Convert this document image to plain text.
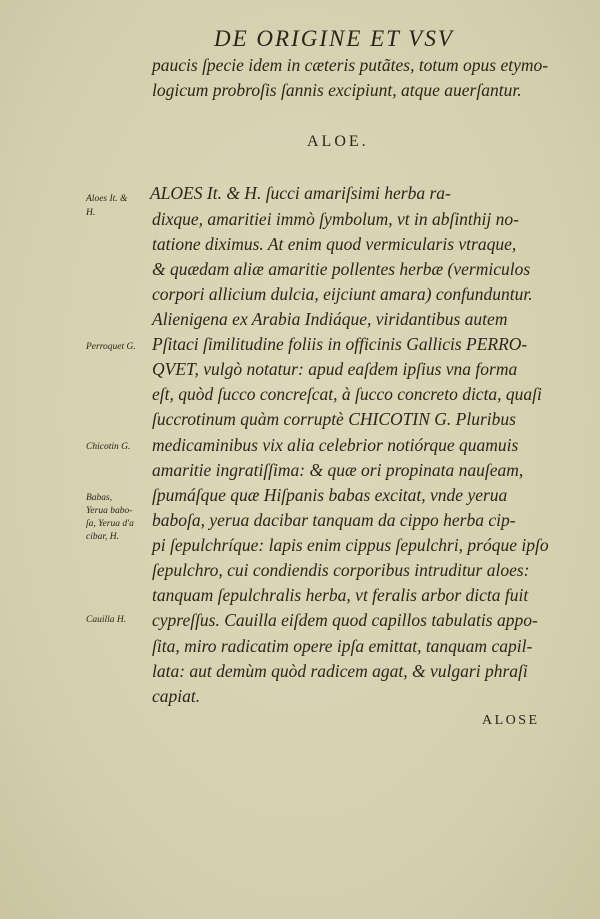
DE ORIGINE ET VSV
paucis ſpecie idem in cæteris putãtes, totum opus etymo-
logicum probroſis ſannis excipiunt, atque auerſantur.
ALOE.
ALOES It. & H. ſucci amariſsimi herba ra-
dixque, amaritiei immò ſymbolum, vt in abſinthij no-
tatione diximus. At enim quod vermicularis vtraque,
& quædam aliæ amaritie pollentes herbæ (vermiculos
corpori allicium dulcia, eijciunt amara) confunduntur.
Alienigena ex Arabia Indiáque, viridantibus autem
Pſitaci ſimilitudine foliis in officinis Gallicis PERRO-
QVET, vulgò notatur: apud eaſdem ipſius vna forma
eſt, quòd ſucco concreſcat, à ſucco concreto dicta, quaſi
ſuccrotinum quàm corruptè CHICOTIN G. Pluribus
medicaminibus vix alia celebrior notiórque quamuis
amaritie ingratiſſima: & quæ ori propinata nauſeam,
ſpumáſque quæ Hiſpanis babas excitat, vnde yerua
baboſa, yerua dacibar tanquam da cippo herba cip-
pi ſepulchríque: lapis enim cippus ſepulchri, próque ipſo
ſepulchro, cui condiendis corporibus intruditur aloes:
tanquam ſepulchralis herba, vt feralis arbor dicta fuit
cypreſſus. Cauilla eiſdem quod capillos tabulatis appo-
ſita, miro radicatim opere ipſa emittat, tanquam capil-
lata: aut demùm quòd radicem agat, & vulgari phraſi
capiat.
Aloes It. &
H.
Perroquet G.
Chicotin G.
Babas,
Yerua babo-
ſa, Yerua d'a
cibar, H.
Cauilla H.
ALOSE
